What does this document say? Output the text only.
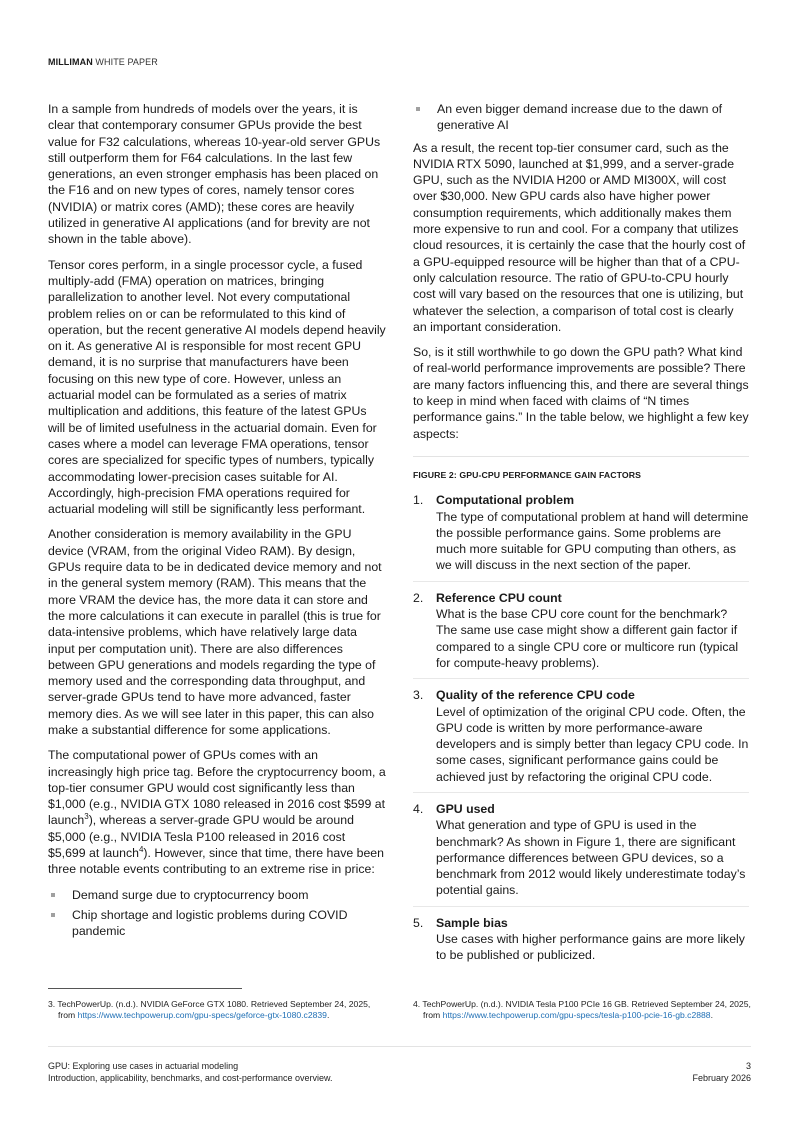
MILLIMAN WHITE PAPER

In a sample from hundreds of models over the years, it is clear that contemporary consumer GPUs provide the best value for F32 calculations, whereas 10-year-old server GPUs still outperform them for F64 calculations. In the last few generations, an even stronger emphasis has been placed on the F16 and on new types of cores, namely tensor cores (NVIDIA) or matrix cores (AMD); these cores are heavily utilized in generative AI applications (and for brevity are not shown in the table above).

Tensor cores perform, in a single processor cycle, a fused multiply-add (FMA) operation on matrices, bringing parallelization to another level. Not every computational problem relies on or can be reformulated to this kind of operation, but the recent generative AI models depend heavily on it. As generative AI is responsible for most recent GPU demand, it is no surprise that manufacturers have been focusing on this new type of core. However, unless an actuarial model can be formulated as a series of matrix multiplication and additions, this feature of the latest GPUs will be of limited usefulness in the actuarial domain. Even for cases where a model can leverage FMA operations, tensor cores are specialized for specific types of numbers, typically accommodating lower-precision cases suitable for AI. Accordingly, high-precision FMA operations required for actuarial modeling will still be significantly less performant.

Another consideration is memory availability in the GPU device (VRAM, from the original Video RAM). By design, GPUs require data to be in dedicated device memory and not in the general system memory (RAM). This means that the more VRAM the device has, the more data it can store and the more calculations it can execute in parallel (this is true for data-intensive problems, which have relatively large data input per computation unit). There are also differences between GPU generations and models regarding the type of memory used and the corresponding data throughput, and server-grade GPUs tend to have more advanced, faster memory dies. As we will see later in this paper, this can also make a substantial difference for some applications.

The computational power of GPUs comes with an increasingly high price tag. Before the cryptocurrency boom, a top-tier consumer GPU would cost significantly less than $1,000 (e.g., NVIDIA GTX 1080 released in 2016 cost $599 at launch$^3$), whereas a server-grade GPU would be around $5,000 (e.g., NVIDIA Tesla P100 released in 2016 cost $5,699 at launch$^4$). However, since that time, there have been three notable events contributing to an extreme rise in price:

Demand surge due to cryptocurrency boom
Chip shortage and logistic problems during COVID pandemic
An even bigger demand increase due to the dawn of generative AI

As a result, the recent top-tier consumer card, such as the NVIDIA RTX 5090, launched at $1,999, and a server-grade GPU, such as the NVIDIA H200 or AMD MI300X, will cost over $30,000. New GPU cards also have higher power consumption requirements, which additionally makes them more expensive to run and cool. For a company that utilizes cloud resources, it is certainly the case that the hourly cost of a GPU-equipped resource will be higher than that of a CPU-only calculation resource. The ratio of GPU-to-CPU hourly cost will vary based on the resources that one is utilizing, but whatever the selection, a comparison of total cost is clearly an important consideration.

So, is it still worthwhile to go down the GPU path? What kind of real-world performance improvements are possible? There are many factors influencing this, and there are several things to keep in mind when faced with claims of “N times performance gains.” In the table below, we highlight a few key aspects:

FIGURE 2: GPU-CPU PERFORMANCE GAIN FACTORS
1. Computational problem
The type of computational problem at hand will determine the possible performance gains. Some problems are much more suitable for GPU computing than others, as we will discuss in the next section of the paper.
2. Reference CPU count
What is the base CPU core count for the benchmark? The same use case might show a different gain factor if compared to a single CPU core or multicore run (typical for compute-heavy problems).
3. Quality of the reference CPU code
Level of optimization of the original CPU code. Often, the GPU code is written by more performance-aware developers and is simply better than legacy CPU code. In some cases, significant performance gains could be achieved just by refactoring the original CPU code.
4. GPU used
What generation and type of GPU is used in the benchmark? As shown in Figure 1, there are significant performance differences between GPU devices, so a benchmark from 2012 would likely underestimate today’s potential gains.
5. Sample bias
Use cases with higher performance gains are more likely to be published or publicized.
3. TechPowerUp. (n.d.). NVIDIA GeForce GTX 1080. Retrieved September 24, 2025, from https://www.techpowerup.com/gpu-specs/geforce-gtx-1080.c2839.
4. TechPowerUp. (n.d.). NVIDIA Tesla P100 PCIe 16 GB. Retrieved September 24, 2025, from https://www.techpowerup.com/gpu-specs/tesla-p100-pcie-16-gb.c2888.
GPU: Exploring use cases in actuarial modeling
Introduction, applicability, benchmarks, and cost-performance overview.
3
February 2026
